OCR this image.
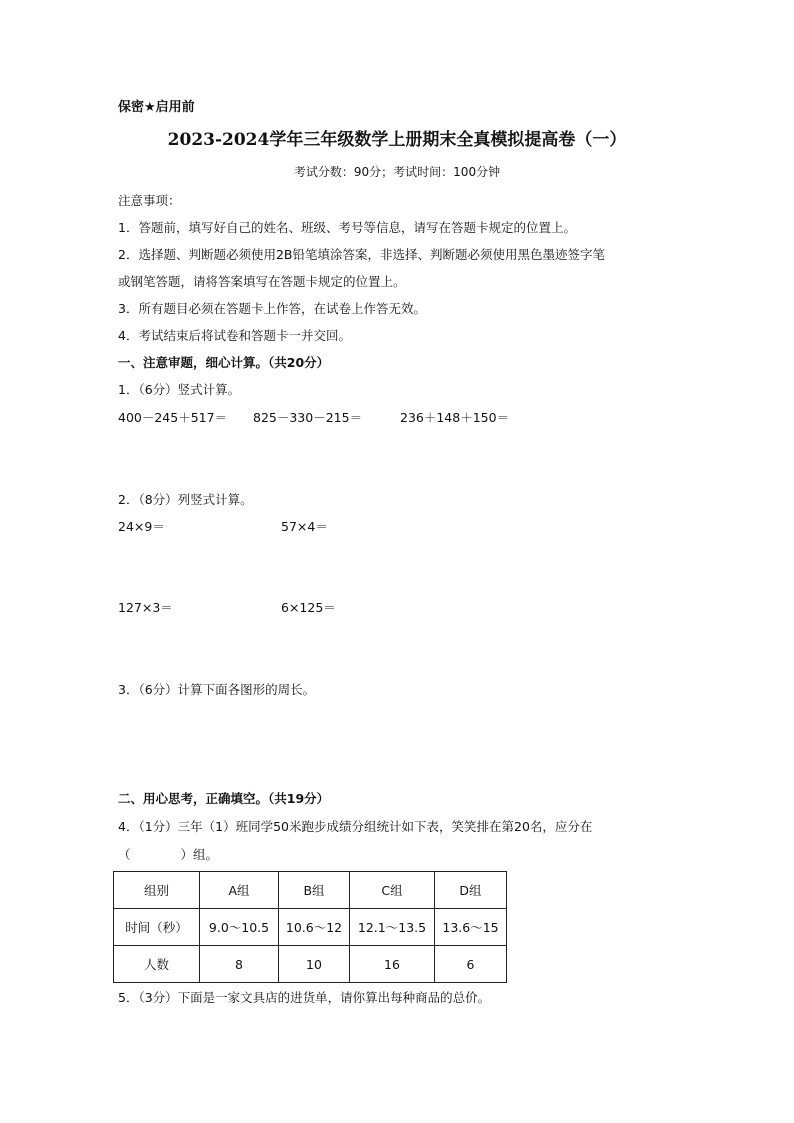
保密★启用前
2023-2024学年三年级数学上册期末全真模拟提高卷（一）
考试分数：90分；考试时间：100分钟
注意事项：
1．答题前，填写好自己的姓名、班级、考号等信息，请写在答题卡规定的位置上。
2．选择题、判断题必须使用2B铅笔填涂答案，非选择、判断题必须使用黑色墨迹签字笔
或钢笔答题，请将答案填写在答题卡规定的位置上。
3．所有题目必须在答题卡上作答，在试卷上作答无效。
4．考试结束后将试卷和答题卡一并交回。
一、注意审题，细心计算。（共20分）
1．（6分）竖式计算。
400－245＋517＝ 825－330－215＝	236＋148＋150＝
2．（8分）列竖式计算。
24×9＝	57×4＝
127×3＝	6×125＝
3．（6分）计算下面各图形的周长。
二、用心思考，正确填空。（共19分）
4．（1分）三年（1）班同学50米跑步成绩分组统计如下表，笑笑排在第20名，应分在
（　　　　）组。
组别	A组	B组	C组	D组
时间（秒）	9.0～10.5	10.6～12	12.1～13.5	13.6～15
人数	8	10	16	6
5．（3分）下面是一家文具店的进货单，请你算出每种商品的总价。
